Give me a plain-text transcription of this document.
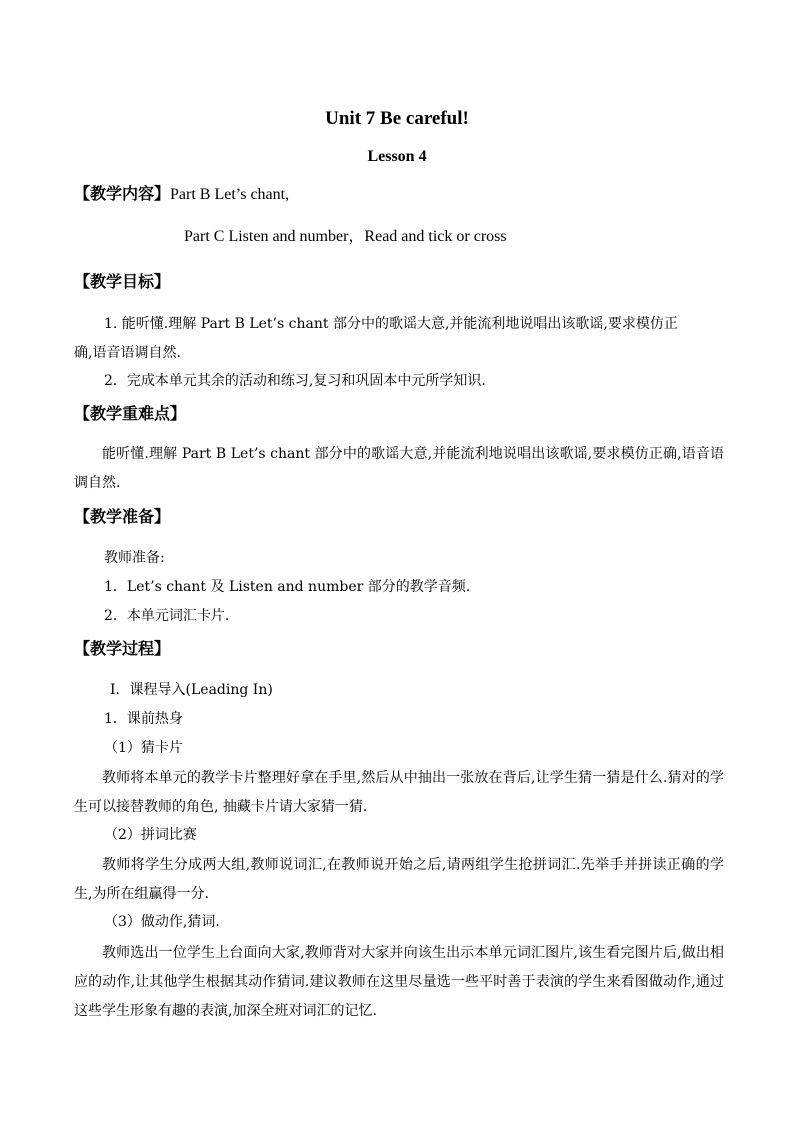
Unit 7 Be careful!
Lesson 4
【教学内容】Part B Let’s chant,
Part C Listen and number，Read and tick or cross
【教学目标】
1. 能听懂.理解 Part B Let’s chant 部分中的歌谣大意,并能流利地说唱出该歌谣,要求模仿正
确,语音语调自然.
2．完成本单元其余的活动和练习,复习和巩固本中元所学知识.
【教学重难点】
能听懂.理解 Part B Let’s chant 部分中的歌谣大意,并能流利地说唱出该歌谣,要求模仿正确,语音语调自然.
【教学准备】
教师准备:
1．Let’s chant 及 Listen and number 部分的教学音频.
2．本单元词汇卡片.
【教学过程】
Ⅰ．课程导入(Leading In)
1．课前热身
（1）猜卡片
教师将本单元的教学卡片整理好拿在手里,然后从中抽出一张放在背后,让学生猜一猜是什么.猜对的学生可以接替教师的角色, 抽藏卡片请大家猜一猜.
（2）拼词比赛
教师将学生分成两大组,教师说词汇,在教师说开始之后,请两组学生抢拼词汇.先举手并拼读正确的学生,为所在组赢得一分.
（3）做动作,猜词.
教师选出一位学生上台面向大家,教师背对大家并向该生出示本单元词汇图片,该生看完图片后,做出相应的动作,让其他学生根据其动作猜词.建议教师在这里尽量选一些平时善于表演的学生来看图做动作,通过这些学生形象有趣的表演,加深全班对词汇的记忆.
